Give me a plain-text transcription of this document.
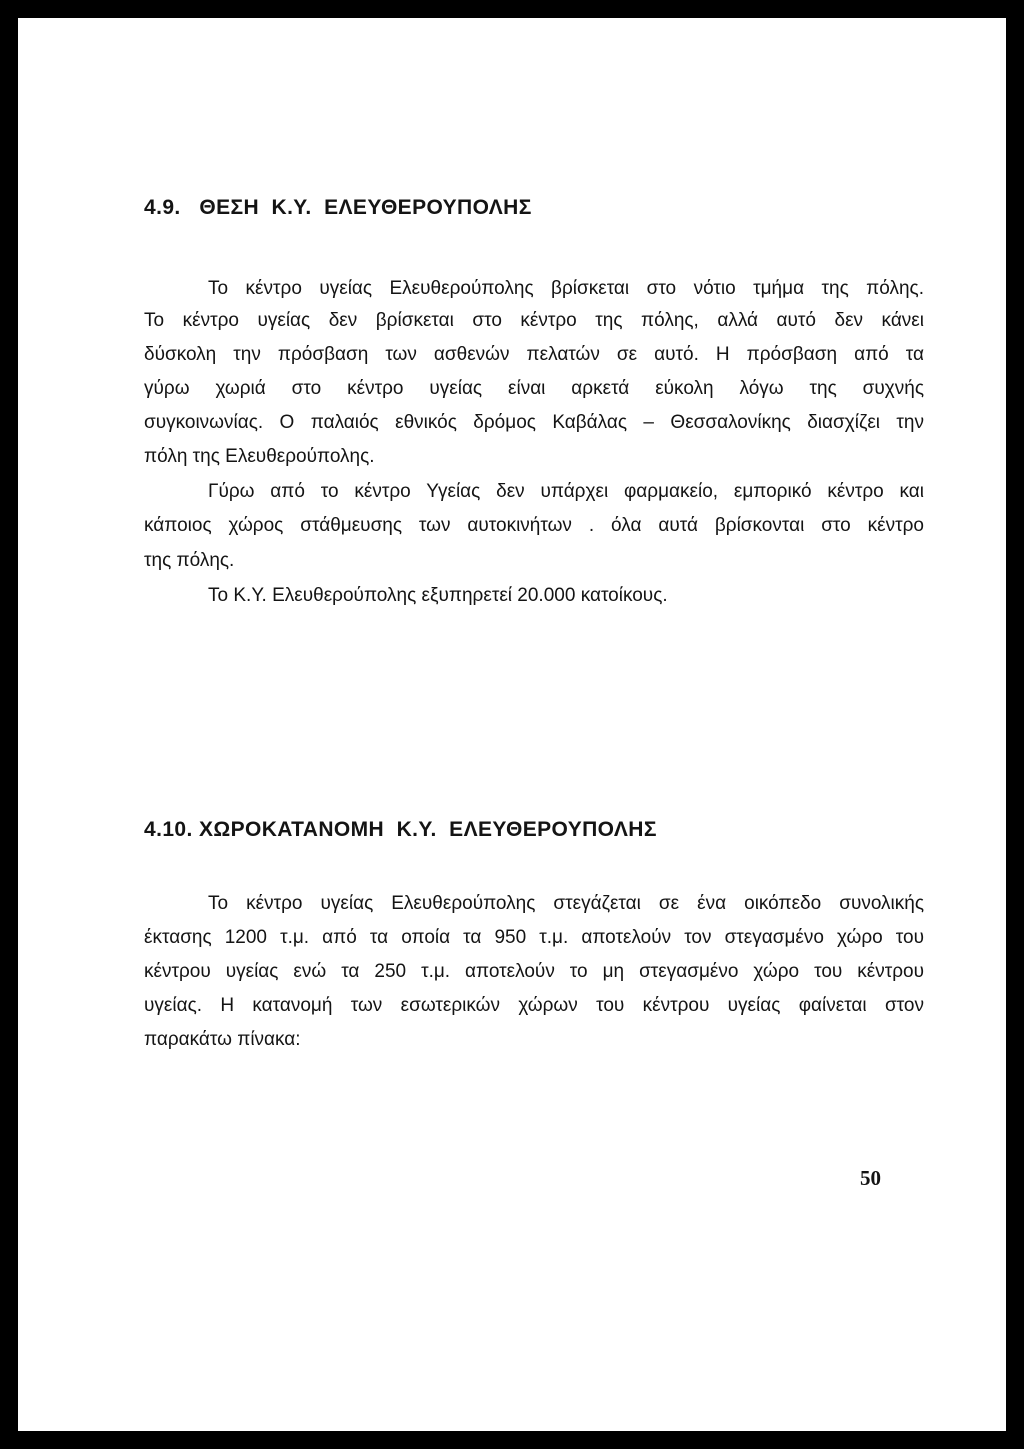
4.9.   ΘΕΣΗ  Κ.Υ.  ΕΛΕΥΘΕΡΟΥΠΟΛΗΣ
Το κέντρο υγείας Ελευθερούπολης βρίσκεται στο νότιο τμήμα της πόλης.
Το κέντρο υγείας δεν βρίσκεται στο κέντρο της πόλης, αλλά αυτό δεν κάνει
δύσκολη την πρόσβαση των ασθενών πελατών σε αυτό. Η πρόσβαση από τα
γύρω χωριά στο κέντρο υγείας είναι αρκετά εύκολη λόγω της συχνής
συγκοινωνίας. Ο παλαιός εθνικός δρόμος Καβάλας – Θεσσαλονίκης διασχίζει την
πόλη της Ελευθερούπολης.
Γύρω από το κέντρο Υγείας δεν υπάρχει φαρμακείο, εμπορικό κέντρο και
κάποιος χώρος στάθμευσης των αυτοκινήτων . όλα αυτά βρίσκονται στο κέντρο
της πόλης.
Το Κ.Υ. Ελευθερούπολης εξυπηρετεί 20.000 κατοίκους.
4.10. ΧΩΡΟΚΑΤΑΝΟΜΗ  Κ.Υ.  ΕΛΕΥΘΕΡΟΥΠΟΛΗΣ
Το κέντρο υγείας Ελευθερούπολης στεγάζεται σε ένα οικόπεδο συνολικής
έκτασης 1200 τ.μ. από τα οποία τα 950 τ.μ. αποτελούν τον στεγασμένο χώρο του
κέντρου υγείας ενώ τα 250 τ.μ. αποτελούν το μη στεγασμένο χώρο του κέντρου
υγείας. Η κατανομή των εσωτερικών χώρων του κέντρου υγείας φαίνεται στον
παρακάτω πίνακα:
50
